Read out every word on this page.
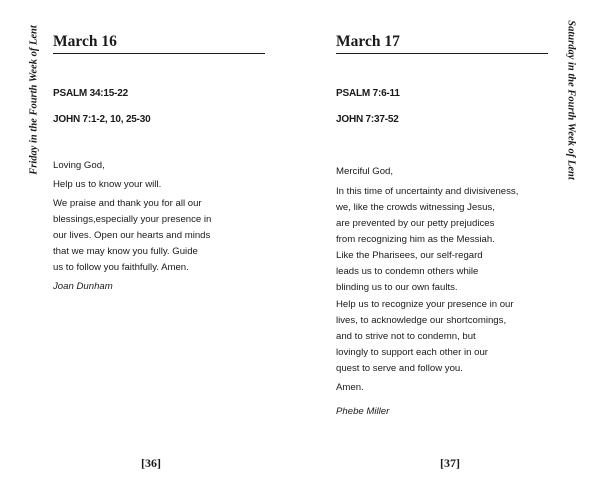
Friday in the Fourth Week of Lent March 16
PSALM 34:15-22
JOHN 7:1-2, 10, 25-30
Loving God,
Help us to know your will.
We praise and thank you for all our
blessings,especially your presence in
our lives. Open our hearts and minds
that we may know you fully. Guide
us to follow you faithfully. Amen.
Joan Dunham
[36]
Saturday in the Fourth Week of Lent
March 17
PSALM 7:6-11
JOHN 7:37-52
Merciful God,
In this time of uncertainty and divisiveness,
we, like the crowds witnessing Jesus,
are prevented by our petty prejudices
from recognizing him as the Messiah.
Like the Pharisees, our self-regard
leads us to condemn others while
blinding us to our own faults.
Help us to recognize your presence in our
lives, to acknowledge our shortcomings,
and to strive not to condemn, but
lovingly to support each other in our
quest to serve and follow you.
Amen.
Phebe Miller
[37]
